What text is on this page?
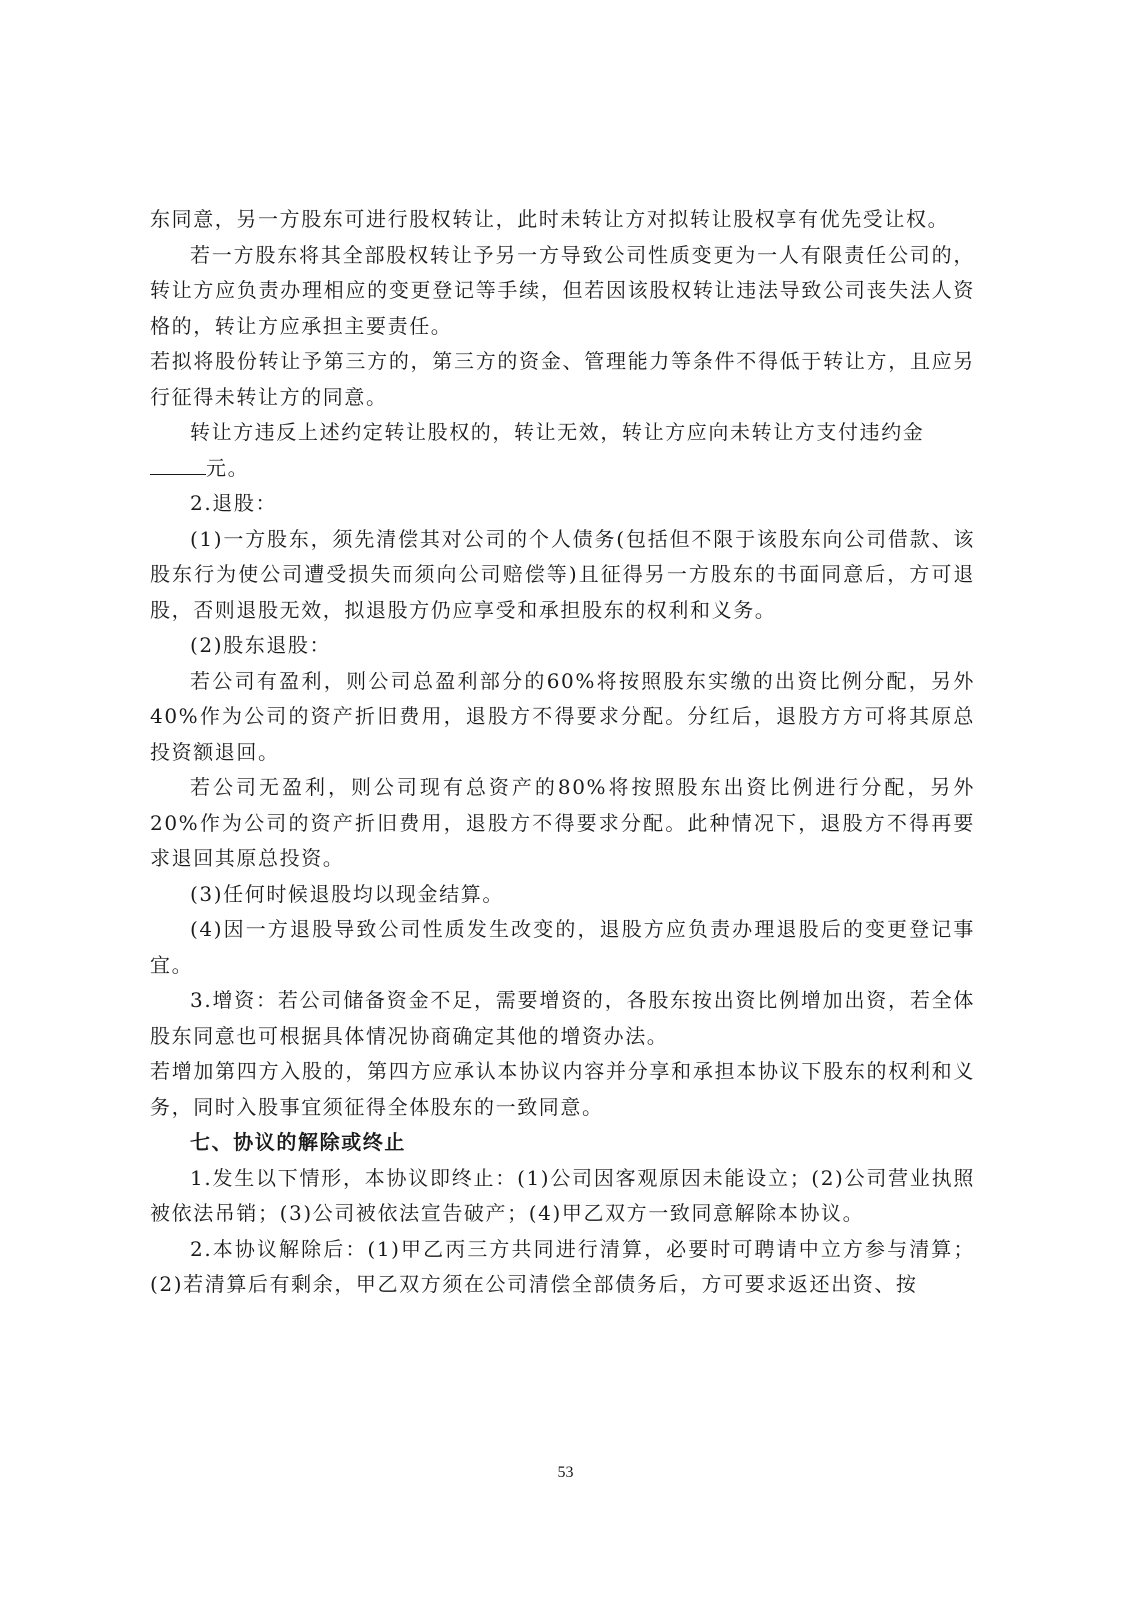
东同意，另一方股东可进行股权转让，此时未转让方对拟转让股权享有优先受让权。

若一方股东将其全部股权转让予另一方导致公司性质变更为一人有限责任公司的，转让方应负责办理相应的变更登记等手续，但若因该股权转让违法导致公司丧失法人资格的，转让方应承担主要责任。

若拟将股份转让予第三方的，第三方的资金、管理能力等条件不得低于转让方，且应另行征得未转让方的同意。

转让方违反上述约定转让股权的，转让无效，转让方应向未转让方支付违约金
元。

2.退股：

(1)一方股东，须先清偿其对公司的个人债务(包括但不限于该股东向公司借款、该股东行为使公司遭受损失而须向公司赔偿等)且征得另一方股东的书面同意后，方可退股，否则退股无效，拟退股方仍应享受和承担股东的权利和义务。

(2)股东退股：

若公司有盈利，则公司总盈利部分的60%将按照股东实缴的出资比例分配，另外40%作为公司的资产折旧费用，退股方不得要求分配。分红后，退股方方可将其原总投资额退回。

若公司无盈利，则公司现有总资产的80%将按照股东出资比例进行分配，另外20%作为公司的资产折旧费用，退股方不得要求分配。此种情况下，退股方不得再要求退回其原总投资。

(3)任何时候退股均以现金结算。

(4)因一方退股导致公司性质发生改变的，退股方应负责办理退股后的变更登记事宜。

3.增资：若公司储备资金不足，需要增资的，各股东按出资比例增加出资，若全体股东同意也可根据具体情况协商确定其他的增资办法。

若增加第四方入股的，第四方应承认本协议内容并分享和承担本协议下股东的权利和义务，同时入股事宜须征得全体股东的一致同意。

七、协议的解除或终止

1.发生以下情形，本协议即终止：(1)公司因客观原因未能设立；(2)公司营业执照被依法吊销；(3)公司被依法宣告破产；(4)甲乙双方一致同意解除本协议。

2.本协议解除后：(1)甲乙丙三方共同进行清算，必要时可聘请中立方参与清算；(2)若清算后有剩余，甲乙双方须在公司清偿全部债务后，方可要求返还出资、按

53
